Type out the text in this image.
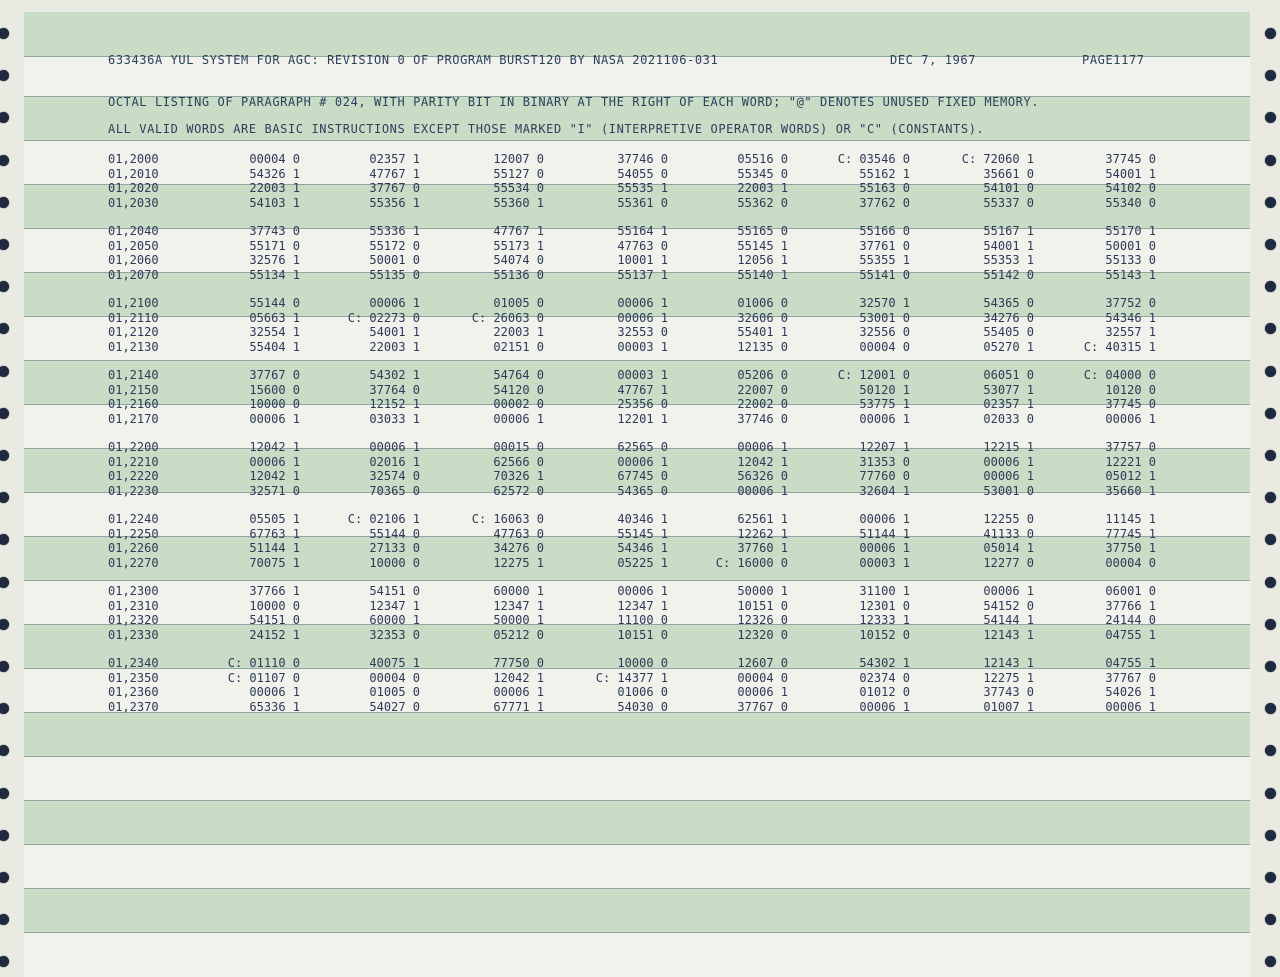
633436A YUL SYSTEM FOR AGC: REVISION 0 OF PROGRAM BURST120 BY NASA 2021106-031	DEC 7, 1967	PAGE1177
OCTAL LISTING OF PARAGRAPH # 024, WITH PARITY BIT IN BINARY AT THE RIGHT OF EACH WORD; "@" DENOTES UNUSED FIXED MEMORY.
ALL VALID WORDS ARE BASIC INSTRUCTIONS EXCEPT THOSE MARKED "I" (INTERPRETIVE OPERATOR WORDS) OR "C" (CONSTANTS).
01,2000	00004 0	02357 1	12007 0	37746 0	05516 0	C: 03546 0	C: 72060 1	37745 0
01,2010	54326 1	47767 1	55127 0	54055 0	55345 0	55162 1	35661 0	54001 1
01,2020	22003 1	37767 0	55534 0	55535 1	22003 1	55163 0	54101 0	54102 0
01,2030	54103 1	55356 1	55360 1	55361 0	55362 0	37762 0	55337 0	55340 0
01,2040	37743 0	55336 1	47767 1	55164 1	55165 0	55166 0	55167 1	55170 1
01,2050	55171 0	55172 0	55173 1	47763 0	55145 1	37761 0	54001 1	50001 0
01,2060	32576 1	50001 0	54074 0	10001 1	12056 1	55355 1	55353 1	55133 0
01,2070	55134 1	55135 0	55136 0	55137 1	55140 1	55141 0	55142 0	55143 1
01,2100	55144 0	00006 1	01005 0	00006 1	01006 0	32570 1	54365 0	37752 0
01,2110	05663 1	C: 02273 0	C: 26063 0	00006 1	32606 0	53001 0	34276 0	54346 1
01,2120	32554 1	54001 1	22003 1	32553 0	55401 1	32556 0	55405 0	32557 1
01,2130	55404 1	22003 1	02151 0	00003 1	12135 0	00004 0	05270 1	C: 40315 1
01,2140	37767 0	54302 1	54764 0	00003 1	05206 0	C: 12001 0	06051 0	C: 04000 0
01,2150	15600 0	37764 0	54120 0	47767 1	22007 0	50120 1	53077 1	10120 0
01,2160	10000 0	12152 1	00002 0	25356 0	22002 0	53775 1	02357 1	37745 0
01,2170	00006 1	03033 1	00006 1	12201 1	37746 0	00006 1	02033 0	00006 1
01,2200	12042 1	00006 1	00015 0	62565 0	00006 1	12207 1	12215 1	37757 0
01,2210	00006 1	02016 1	62566 0	00006 1	12042 1	31353 0	00006 1	12221 0
01,2220	12042 1	32574 0	70326 1	67745 0	56326 0	77760 0	00006 1	05012 1
01,2230	32571 0	70365 0	62572 0	54365 0	00006 1	32604 1	53001 0	35660 1
01,2240	05505 1	C: 02106 1	C: 16063 0	40346 1	62561 1	00006 1	12255 0	11145 1
01,2250	67763 1	55144 0	47763 0	55145 1	12262 1	51144 1	41133 0	77745 1
01,2260	51144 1	27133 0	34276 0	54346 1	37760 1	00006 1	05014 1	37750 1
01,2270	70075 1	10000 0	12275 1	05225 1	C: 16000 0	00003 1	12277 0	00004 0
01,2300	37766 1	54151 0	60000 1	00006 1	50000 1	31100 1	00006 1	06001 0
01,2310	10000 0	12347 1	12347 1	12347 1	10151 0	12301 0	54152 0	37766 1
01,2320	54151 0	60000 1	50000 1	11100 0	12326 0	12333 1	54144 1	24144 0
01,2330	24152 1	32353 0	05212 0	10151 0	12320 0	10152 0	12143 1	04755 1
01,2340	C: 01110 0	40075 1	77750 0	10000 0	12607 0	54302 1	12143 1	04755 1
01,2350	C: 01107 0	00004 0	12042 1	C: 14377 1	00004 0	02374 0	12275 1	37767 0
01,2360	00006 1	01005 0	00006 1	01006 0	00006 1	01012 0	37743 0	54026 1
01,2370	65336 1	54027 0	67771 1	54030 0	37767 0	00006 1	01007 1	00006 1
